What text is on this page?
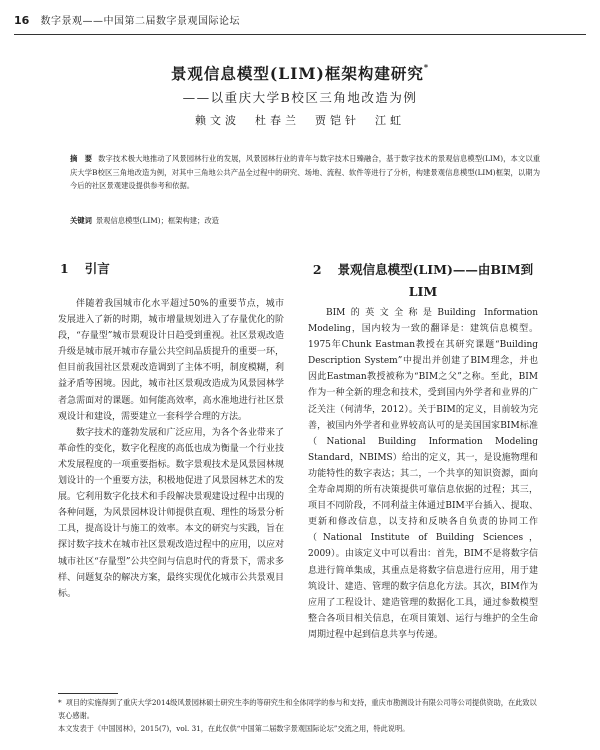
16 数字景观——中国第二届数字景观国际论坛
景观信息模型(LIM)框架构建研究*
——以重庆大学B校区三角地改造为例
赖文波　杜春兰　贾铠针　江虹
摘　要 数字技术极大地推动了风景园林行业的发展，风景园林行业的青年与数字技术日臻融合，基于数字技术的景观信息模型(LIM)，本文以重庆大学B校区三角地改造为例，对其中三角地公共产品全过程中的研究、场地、流程、软件等进行了分析，构建景观信息模型(LIM)框架，以期为今后的社区景观建设提供参考和依据。
关键词 景观信息模型(LIM)；框架构建；改造
1 引言	2 景观信息模型(LIM)——由BIM到LIM

伴随着我国城市化水平超过50%的重要节点，城市发展进入了新的时期，城市增量规划进入了存量优化的阶段，“存量型”城市景观设计日趋受到重视。社区景观改造升级是城市展开城市存量公共空间品质提升的重要一环，但目前我国社区景观改造调到了主体不明，制度模糊，利益矛盾等困境。因此，城市社区景观改造成为风景园林学者急需面对的课题。如何能高效率，高水准地进行社区景观设计和建设，需要建立一套科学合理的方法。

数字技术的蓬勃发展和广泛应用，为各个各业带来了革命性的变化，数字化程度的高低也成为衡量一个行业技术发展程度的一项重要指标。数字景观技术是风景园林规划设计的一个重要方法，积极地促进了风景园林艺术的发展。它利用数字化技术和手段解决景观建设过程中出现的各种问题，为风景园林设计师提供直观、理性的场景分析工具，提高设计与施工的效率。本文的研究与实践，旨在探讨数字技术在城市社区景观改造过程中的应用，以应对城市社区“存量型”公共空间与信息时代的背景下，需求多样、问题复杂的解决方案，最终实现优化城市公共景观目标。

BIM的英文全称是Building Information Modeling，国内较为一致的翻译是：建筑信息模型。1975年Chunk Eastman教授在其研究课题“Building Description System”中提出并创建了BIM理念，并也因此Eastman教授被称为“BIM之父”之称。至此，BIM作为一种全新的理念和技术，受到国内外学者和业界的广泛关注（何清华，2012）。关于BIM的定义，目前较为完善，被国内外学者和业界较高认可的是美国国家BIM标准（National Building Information Modeling Standard，NBIMS）给出的定义，其一，是设施物理和功能特性的数字表达；其二，一个共享的知识资源，面向全寿命周期的所有决策提供可靠信息依据的过程；其三，项目不同阶段，不同利益主体通过BIM平台插入、提取、更新和修改信息，以支持和反映各自负责的协同工作（National Institute of Building Sciences，2009）。由该定义中可以看出：首先，BIM不是将数字信息进行简单集成，其重点是将数字信息进行应用，用于建筑设计、建造、管理的数字信息化方法。其次，BIM作为应用了工程设计、建造管理的数据化工具，通过参数模型整合各项目相关信息，在项目策划、运行与维护的全生命周期过程中起到信息共享与传递。

* 项目的实施得到了重庆大学2014级风景园林硕士研究生李的等研究生和全体同学的参与和支持，重庆市勘测设计有限公司等公司提供资助，在此致以衷心感谢。
本文发表于《中国园林》，2015(7)，vol. 31，在此仅供“中国第二届数字景观国际论坛”交流之用，特此说明。
